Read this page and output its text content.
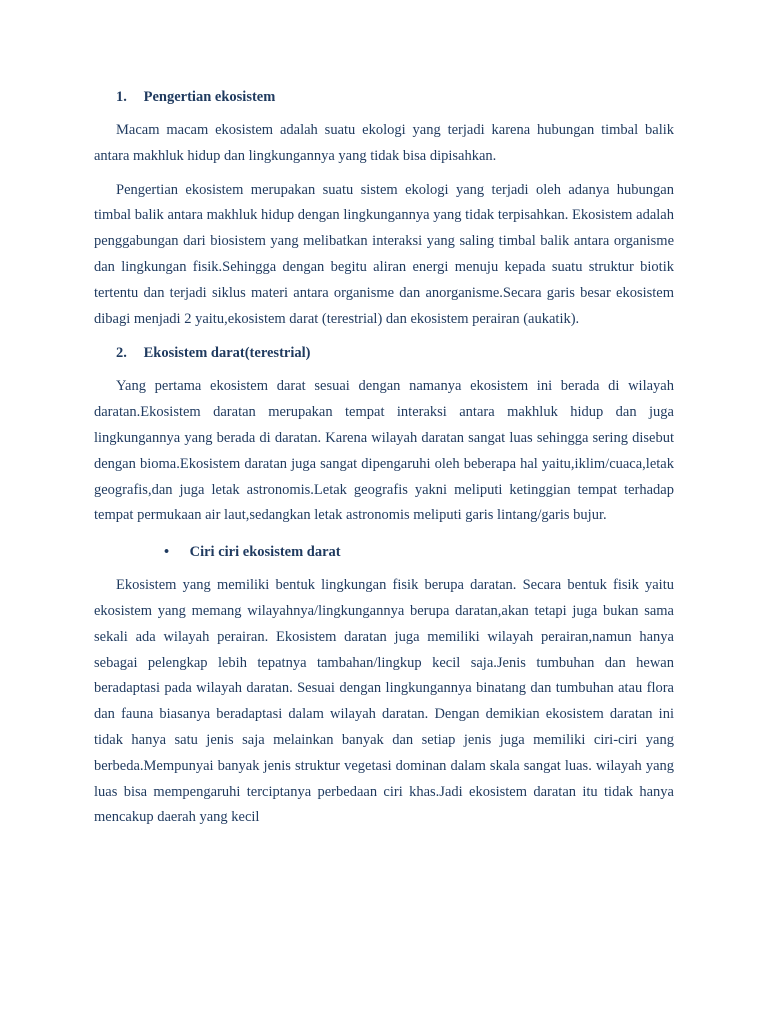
1. Pengertian ekosistem

Macam macam ekosistem adalah suatu ekologi yang terjadi karena hubungan timbal balik antara makhluk hidup dan lingkungannya yang tidak bisa dipisahkan.

Pengertian ekosistem merupakan suatu sistem ekologi yang terjadi oleh adanya hubungan timbal balik antara makhluk hidup dengan lingkungannya yang tidak terpisahkan. Ekosistem adalah penggabungan dari biosistem yang melibatkan interaksi yang saling timbal balik antara organisme dan lingkungan fisik.Sehingga dengan begitu aliran energi menuju kepada suatu struktur biotik tertentu dan terjadi siklus materi antara organisme dan anorganisme.Secara garis besar ekosistem dibagi menjadi 2 yaitu,ekosistem darat (terestrial) dan ekosistem perairan (aukatik).

2. Ekosistem darat(terestrial)

Yang pertama ekosistem darat sesuai dengan namanya ekosistem ini berada di wilayah daratan.Ekosistem daratan merupakan tempat interaksi antara makhluk hidup dan juga lingkungannya yang berada di daratan. Karena wilayah daratan sangat luas sehingga sering disebut dengan bioma.Ekosistem daratan juga sangat dipengaruhi oleh beberapa hal yaitu,iklim/cuaca,letak geografis,dan juga letak astronomis.Letak geografis yakni meliputi ketinggian tempat terhadap tempat permukaan air laut,sedangkan letak astronomis meliputi garis lintang/garis bujur.

• Ciri ciri ekosistem darat

Ekosistem yang memiliki bentuk lingkungan fisik berupa daratan. Secara bentuk fisik yaitu ekosistem yang memang wilayahnya/lingkungannya berupa daratan,akan tetapi juga bukan sama sekali ada wilayah perairan. Ekosistem daratan juga memiliki wilayah perairan,namun hanya sebagai pelengkap lebih tepatnya tambahan/lingkup kecil saja.Jenis tumbuhan dan hewan beradaptasi pada wilayah daratan. Sesuai dengan lingkungannya binatang dan tumbuhan atau flora dan fauna biasanya beradaptasi dalam wilayah daratan. Dengan demikian ekosistem daratan ini tidak hanya satu jenis saja melainkan banyak dan setiap jenis juga memiliki ciri-ciri yang berbeda.Mempunyai banyak jenis struktur vegetasi dominan dalam skala sangat luas. wilayah yang luas bisa mempengaruhi terciptanya perbedaan ciri khas.Jadi ekosistem daratan itu tidak hanya mencakup daerah yang kecil
